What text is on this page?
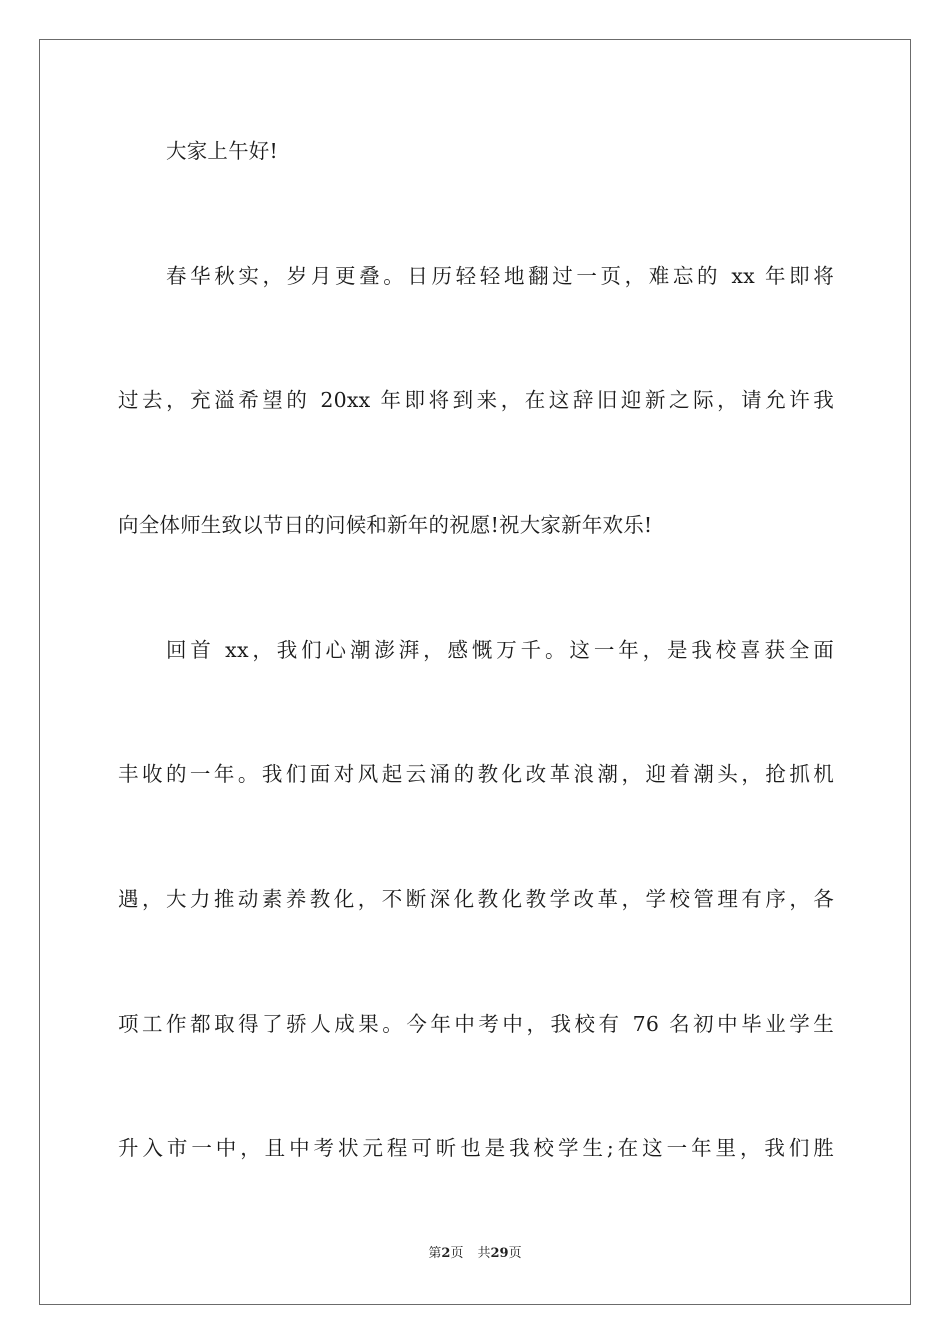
大家上午好!

春华秋实，岁月更叠。日历轻轻地翻过一页，难忘的 xx 年即将

过去，充溢希望的 20xx 年即将到来，在这辞旧迎新之际，请允许我

向全体师生致以节日的问候和新年的祝愿!祝大家新年欢乐!

回首 xx，我们心潮澎湃，感慨万千。这一年，是我校喜获全面

丰收的一年。我们面对风起云涌的教化改革浪潮，迎着潮头，抢抓机

遇，大力推动素养教化，不断深化教化教学改革，学校管理有序，各

项工作都取得了骄人成果。今年中考中，我校有 76 名初中毕业学生

升入市一中，且中考状元程可昕也是我校学生;在这一年里，我们胜

第2页 共29页
